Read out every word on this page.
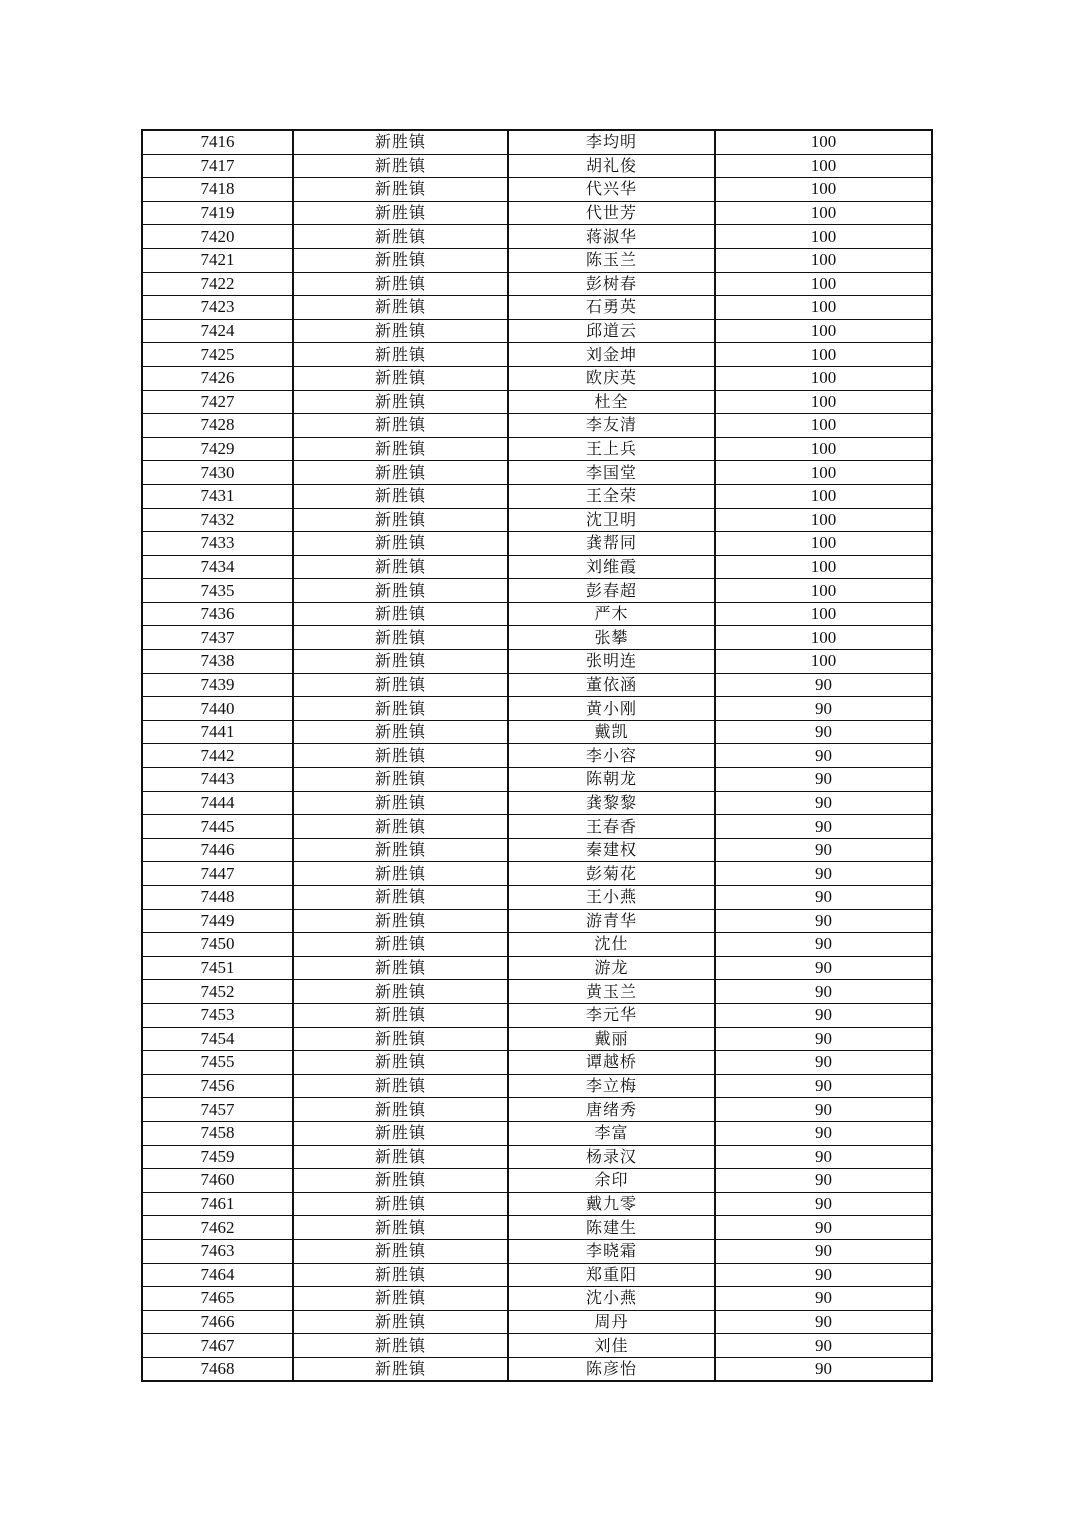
7416	新胜镇	李均明	100
7417	新胜镇	胡礼俊	100
7418	新胜镇	代兴华	100
7419	新胜镇	代世芳	100
7420	新胜镇	蒋淑华	100
7421	新胜镇	陈玉兰	100
7422	新胜镇	彭树春	100
7423	新胜镇	石勇英	100
7424	新胜镇	邱道云	100
7425	新胜镇	刘金坤	100
7426	新胜镇	欧庆英	100
7427	新胜镇	杜全	100
7428	新胜镇	李友清	100
7429	新胜镇	王上兵	100
7430	新胜镇	李国堂	100
7431	新胜镇	王全荣	100
7432	新胜镇	沈卫明	100
7433	新胜镇	龚帮同	100
7434	新胜镇	刘维霞	100
7435	新胜镇	彭春超	100
7436	新胜镇	严木	100
7437	新胜镇	张攀	100
7438	新胜镇	张明连	100
7439	新胜镇	董依涵	90
7440	新胜镇	黄小刚	90
7441	新胜镇	戴凯	90
7442	新胜镇	李小容	90
7443	新胜镇	陈朝龙	90
7444	新胜镇	龚黎黎	90
7445	新胜镇	王春香	90
7446	新胜镇	秦建权	90
7447	新胜镇	彭菊花	90
7448	新胜镇	王小燕	90
7449	新胜镇	游青华	90
7450	新胜镇	沈仕	90
7451	新胜镇	游龙	90
7452	新胜镇	黄玉兰	90
7453	新胜镇	李元华	90
7454	新胜镇	戴丽	90
7455	新胜镇	谭越桥	90
7456	新胜镇	李立梅	90
7457	新胜镇	唐绪秀	90
7458	新胜镇	李富	90
7459	新胜镇	杨录汉	90
7460	新胜镇	余印	90
7461	新胜镇	戴九零	90
7462	新胜镇	陈建生	90
7463	新胜镇	李晓霜	90
7464	新胜镇	郑重阳	90
7465	新胜镇	沈小燕	90
7466	新胜镇	周丹	90
7467	新胜镇	刘佳	90
7468	新胜镇	陈彦怡	90
